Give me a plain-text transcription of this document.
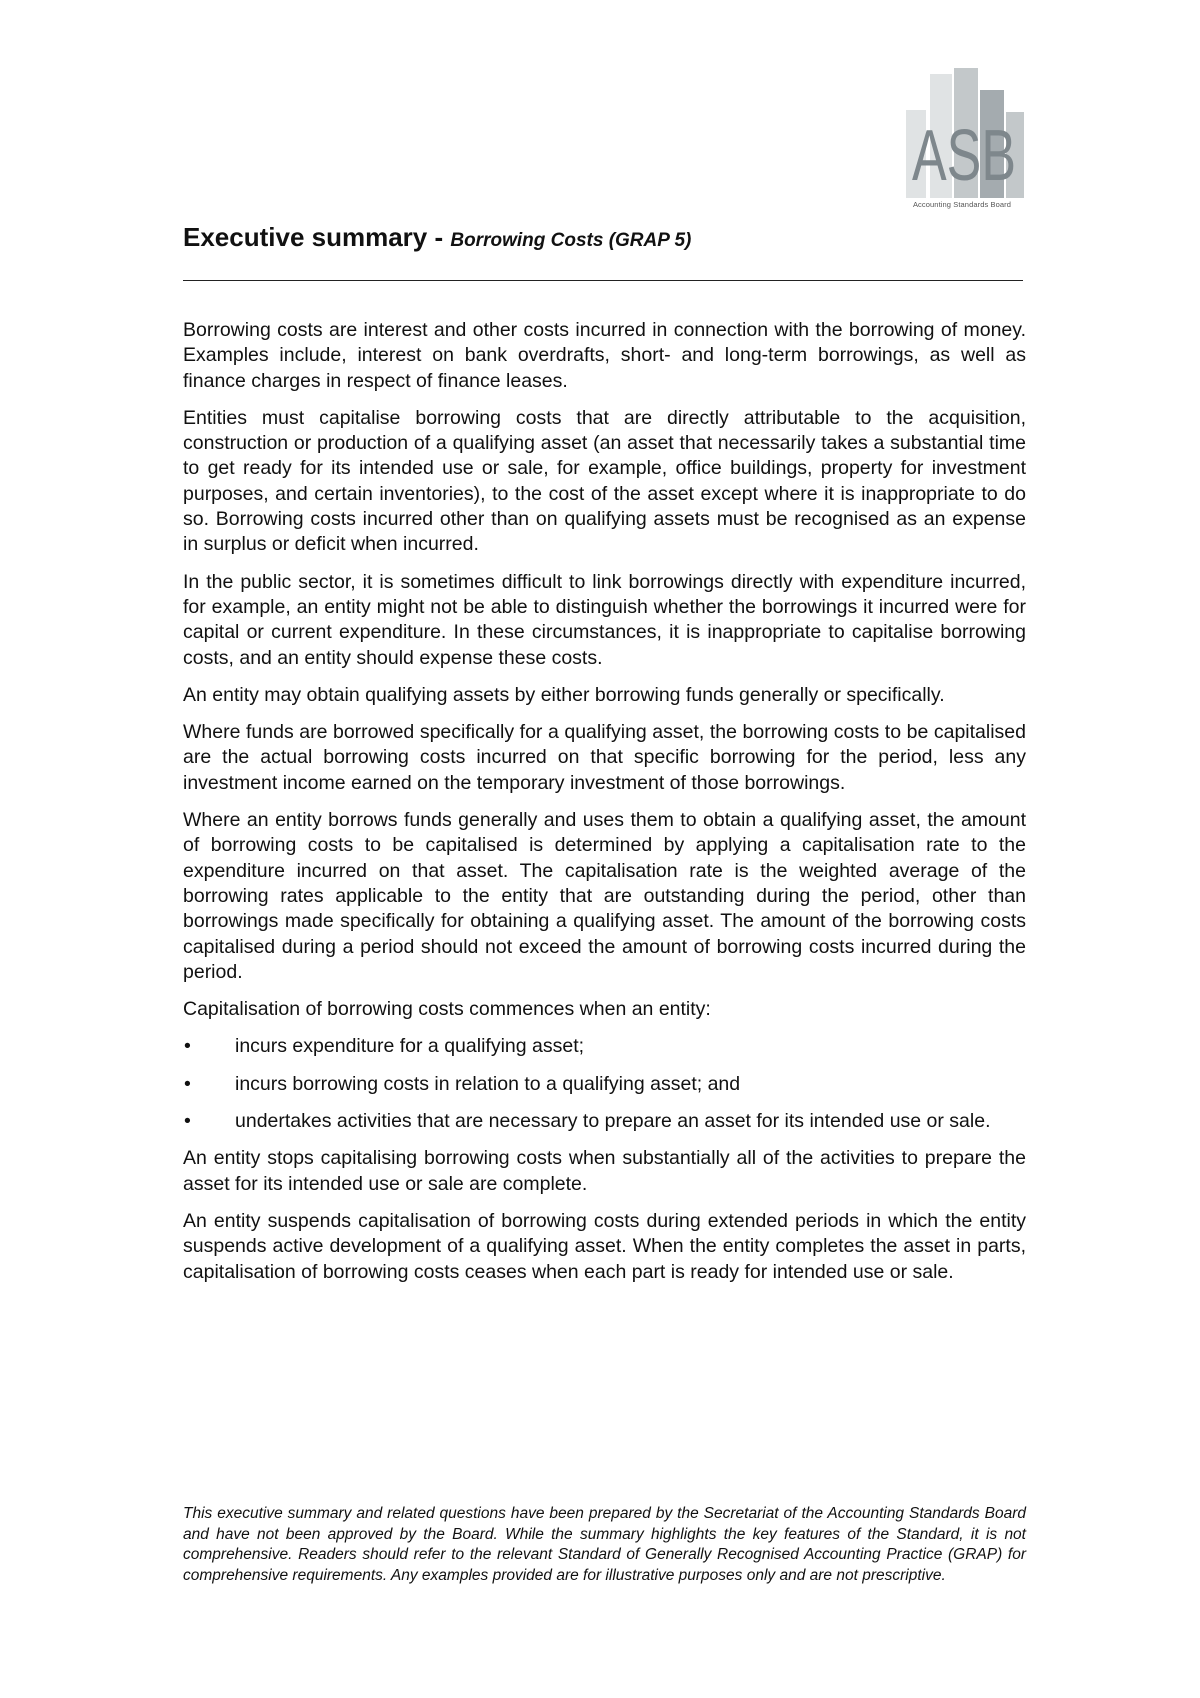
ASB
Accounting Standards Board
Executive summary - Borrowing Costs (GRAP 5)

Borrowing costs are interest and other costs incurred in connection with the borrowing of money. Examples include, interest on bank overdrafts, short- and long-term borrowings, as well as finance charges in respect of finance leases.

Entities must capitalise borrowing costs that are directly attributable to the acquisition, construction or production of a qualifying asset (an asset that necessarily takes a substantial time to get ready for its intended use or sale, for example, office buildings, property for investment purposes, and certain inventories), to the cost of the asset except where it is inappropriate to do so. Borrowing costs incurred other than on qualifying assets must be recognised as an expense in surplus or deficit when incurred.

In the public sector, it is sometimes difficult to link borrowings directly with expenditure incurred, for example, an entity might not be able to distinguish whether the borrowings it incurred were for capital or current expenditure. In these circumstances, it is inappropriate to capitalise borrowing costs, and an entity should expense these costs.

An entity may obtain qualifying assets by either borrowing funds generally or specifically.

Where funds are borrowed specifically for a qualifying asset, the borrowing costs to be capitalised are the actual borrowing costs incurred on that specific borrowing for the period, less any investment income earned on the temporary investment of those borrowings.

Where an entity borrows funds generally and uses them to obtain a qualifying asset, the amount of borrowing costs to be capitalised is determined by applying a capitalisation rate to the expenditure incurred on that asset. The capitalisation rate is the weighted average of the borrowing rates applicable to the entity that are outstanding during the period, other than borrowings made specifically for obtaining a qualifying asset. The amount of the borrowing costs capitalised during a period should not exceed the amount of borrowing costs incurred during the period.

Capitalisation of borrowing costs commences when an entity:

• incurs expenditure for a qualifying asset;
• incurs borrowing costs in relation to a qualifying asset; and
• undertakes activities that are necessary to prepare an asset for its intended use or sale.

An entity stops capitalising borrowing costs when substantially all of the activities to prepare the asset for its intended use or sale are complete.

An entity suspends capitalisation of borrowing costs during extended periods in which the entity suspends active development of a qualifying asset. When the entity completes the asset in parts, capitalisation of borrowing costs ceases when each part is ready for intended use or sale.

This executive summary and related questions have been prepared by the Secretariat of the Accounting Standards Board and have not been approved by the Board. While the summary highlights the key features of the Standard, it is not comprehensive. Readers should refer to the relevant Standard of Generally Recognised Accounting Practice (GRAP) for comprehensive requirements. Any examples provided are for illustrative purposes only and are not prescriptive.
